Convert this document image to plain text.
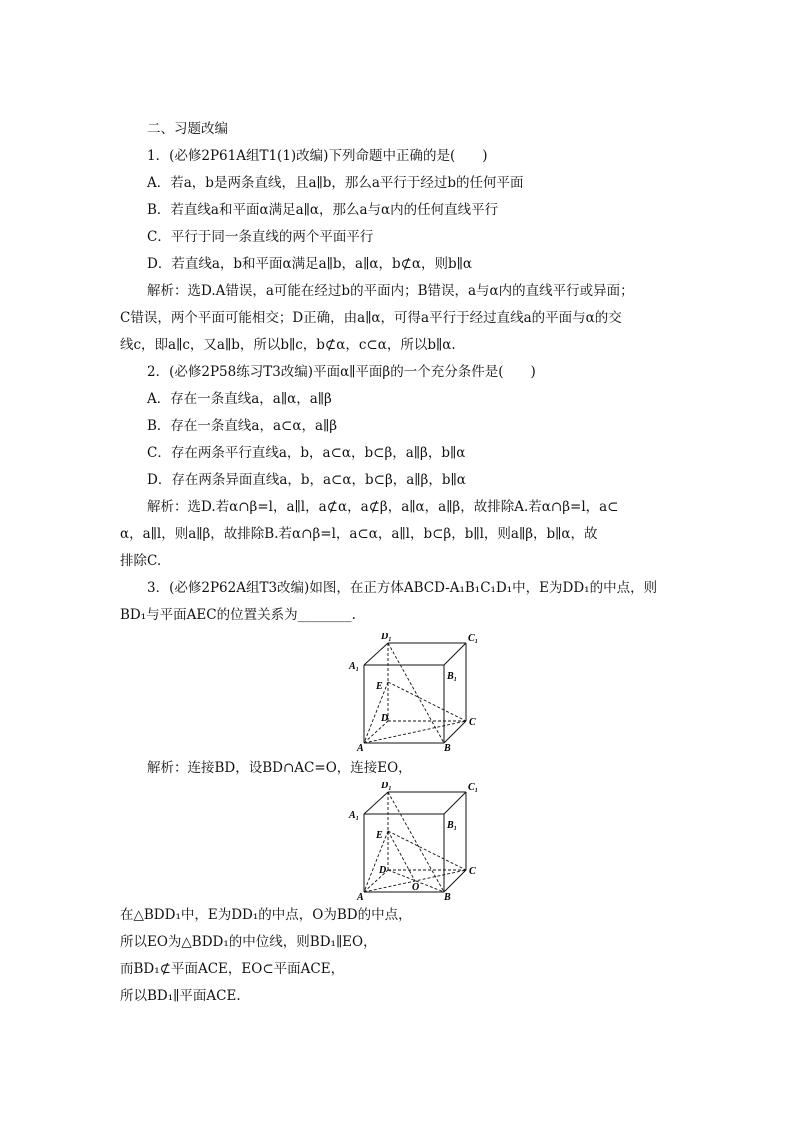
二、习题改编
1．(必修2P61A组T1(1)改编)下列命题中正确的是(　　)
A．若a，b是两条直线，且a∥b，那么a平行于经过b的任何平面
B．若直线a和平面α满足a∥α，那么a与α内的任何直线平行
C．平行于同一条直线的两个平面平行
D．若直线a，b和平面α满足a∥b，a∥α，b⊄α，则b∥α
解析：选D.A错误，a可能在经过b的平面内；B错误，a与α内的直线平行或异面；
C错误，两个平面可能相交；D正确，由a∥α，可得a平行于经过直线a的平面与α的交
线c，即a∥c，又a∥b，所以b∥c，b⊄α，c⊂α，所以b∥α.
2．(必修2P58练习T3改编)平面α∥平面β的一个充分条件是(　　)
A．存在一条直线a，a∥α，a∥β
B．存在一条直线a，a⊂α，a∥β
C．存在两条平行直线a，b，a⊂α，b⊂β，a∥β，b∥α
D．存在两条异面直线a，b，a⊂α，b⊂β，a∥β，b∥α
解析：选D.若α∩β=l，a∥l，a⊄α，a⊄β，a∥α，a∥β，故排除A.若α∩β=l，a⊂
α，a∥l，则a∥β，故排除B.若α∩β=l，a⊂α，a∥l，b⊂β，b∥l，则a∥β，b∥α，故
排除C.
3．(必修2P62A组T3改编)如图，在正方体ABCD-A₁B₁C₁D₁中，E为DD₁的中点，则
BD₁与平面AEC的位置关系为________.
D₁	C₁
A₁
B₁
E
D	C
A	B
解析：连接BD，设BD∩AC=O，连接EO，
D₁	C₁
A₁
B₁
E
D	C
A	B
O
在△BDD₁中，E为DD₁的中点，O为BD的中点，
所以EO为△BDD₁的中位线，则BD₁∥EO，
而BD₁⊄平面ACE，EO⊂平面ACE，
所以BD₁∥平面ACE.
